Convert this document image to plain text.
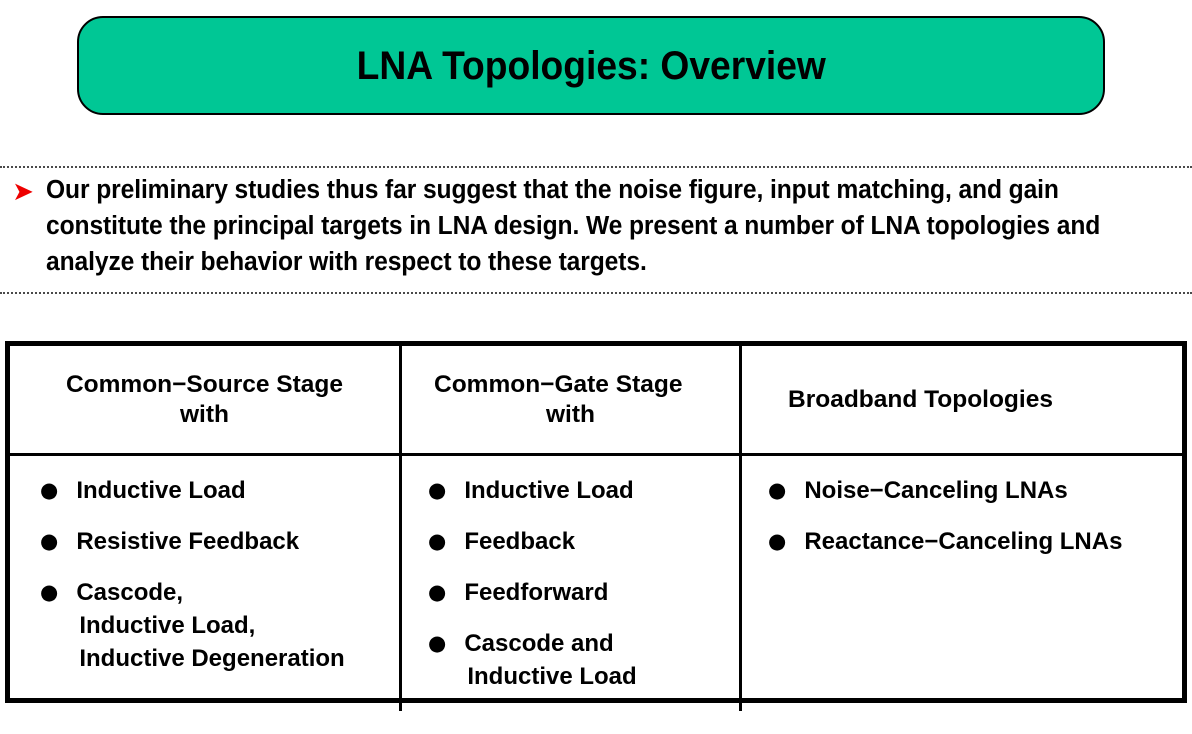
LNA Topologies: Overview
➤ Our preliminary studies thus far suggest that the noise figure, input matching, and gain constitute the principal targets in LNA design. We present a number of LNA topologies and analyze their behavior with respect to these targets.
Common−Source Stage
with
Common−Gate Stage
with
Broadband Topologies
● Inductive Load
● Resistive Feedback
● Cascode,
Inductive Load,
Inductive Degeneration
● Inductive Load
● Feedback
● Feedforward
● Cascode and
Inductive Load
● Noise−Canceling LNAs
● Reactance−Canceling LNAs
